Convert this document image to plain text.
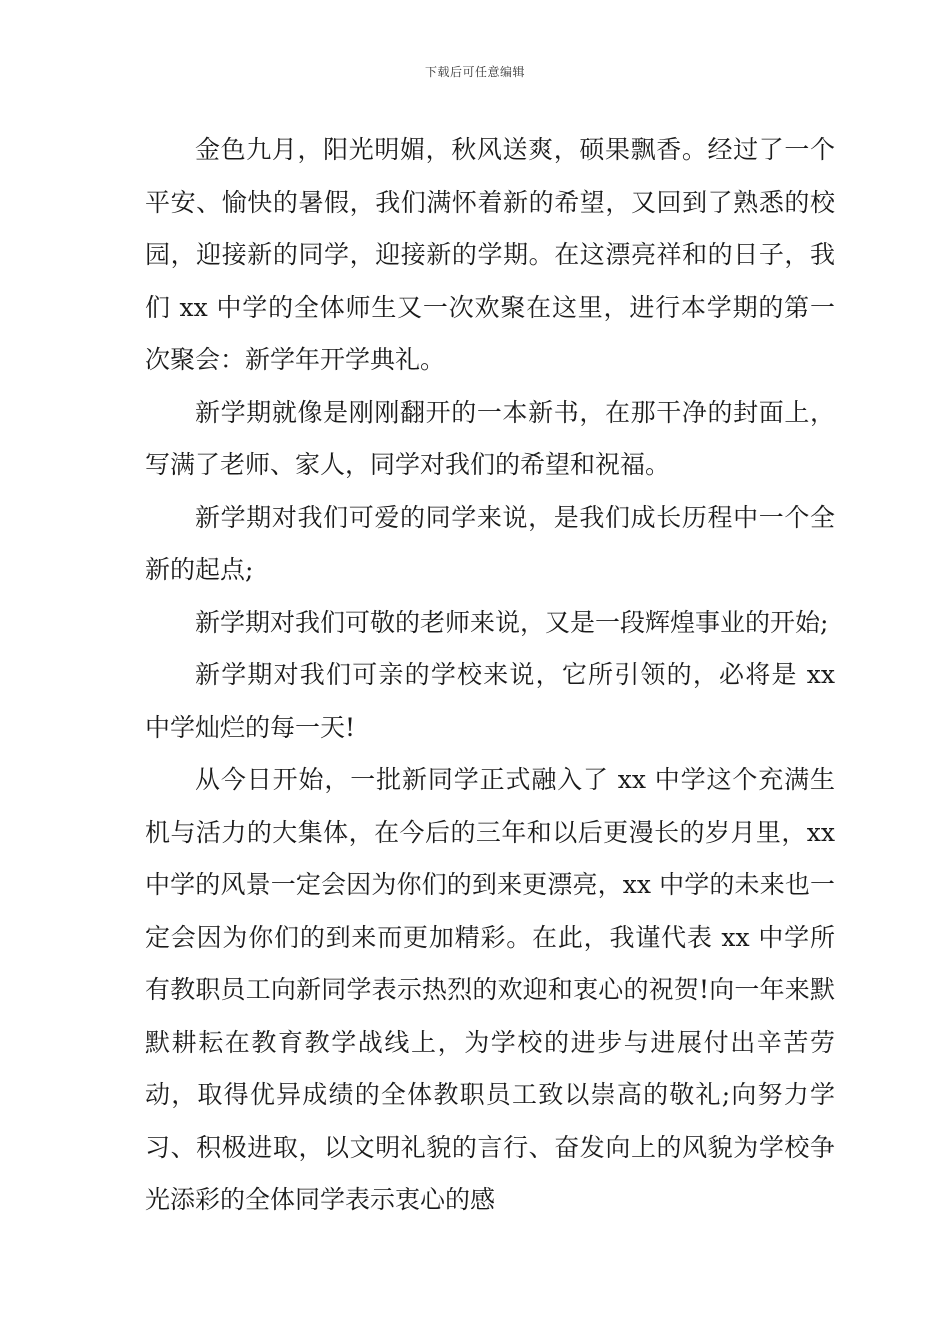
下载后可任意编辑

金色九月，阳光明媚，秋风送爽，硕果飘香。经过了一个平安、愉快的暑假，我们满怀着新的希望，又回到了熟悉的校园，迎接新的同学，迎接新的学期。在这漂亮祥和的日子，我们 xx 中学的全体师生又一次欢聚在这里，进行本学期的第一次聚会：新学年开学典礼。

新学期就像是刚刚翻开的一本新书，在那干净的封面上，写满了老师、家人，同学对我们的希望和祝福。

新学期对我们可爱的同学来说，是我们成长历程中一个全新的起点;

新学期对我们可敬的老师来说，又是一段辉煌事业的开始;

新学期对我们可亲的学校来说，它所引领的，必将是 xx 中学灿烂的每一天!

从今日开始，一批新同学正式融入了 xx 中学这个充满生机与活力的大集体，在今后的三年和以后更漫长的岁月里，xx 中学的风景一定会因为你们的到来更漂亮，xx 中学的未来也一定会因为你们的到来而更加精彩。在此，我谨代表 xx 中学所有教职员工向新同学表示热烈的欢迎和衷心的祝贺!向一年来默默耕耘在教育教学战线上，为学校的进步与进展付出辛苦劳动，取得优异成绩的全体教职员工致以崇高的敬礼;向努力学习、积极进取，以文明礼貌的言行、奋发向上的风貌为学校争光添彩的全体同学表示衷心的感
